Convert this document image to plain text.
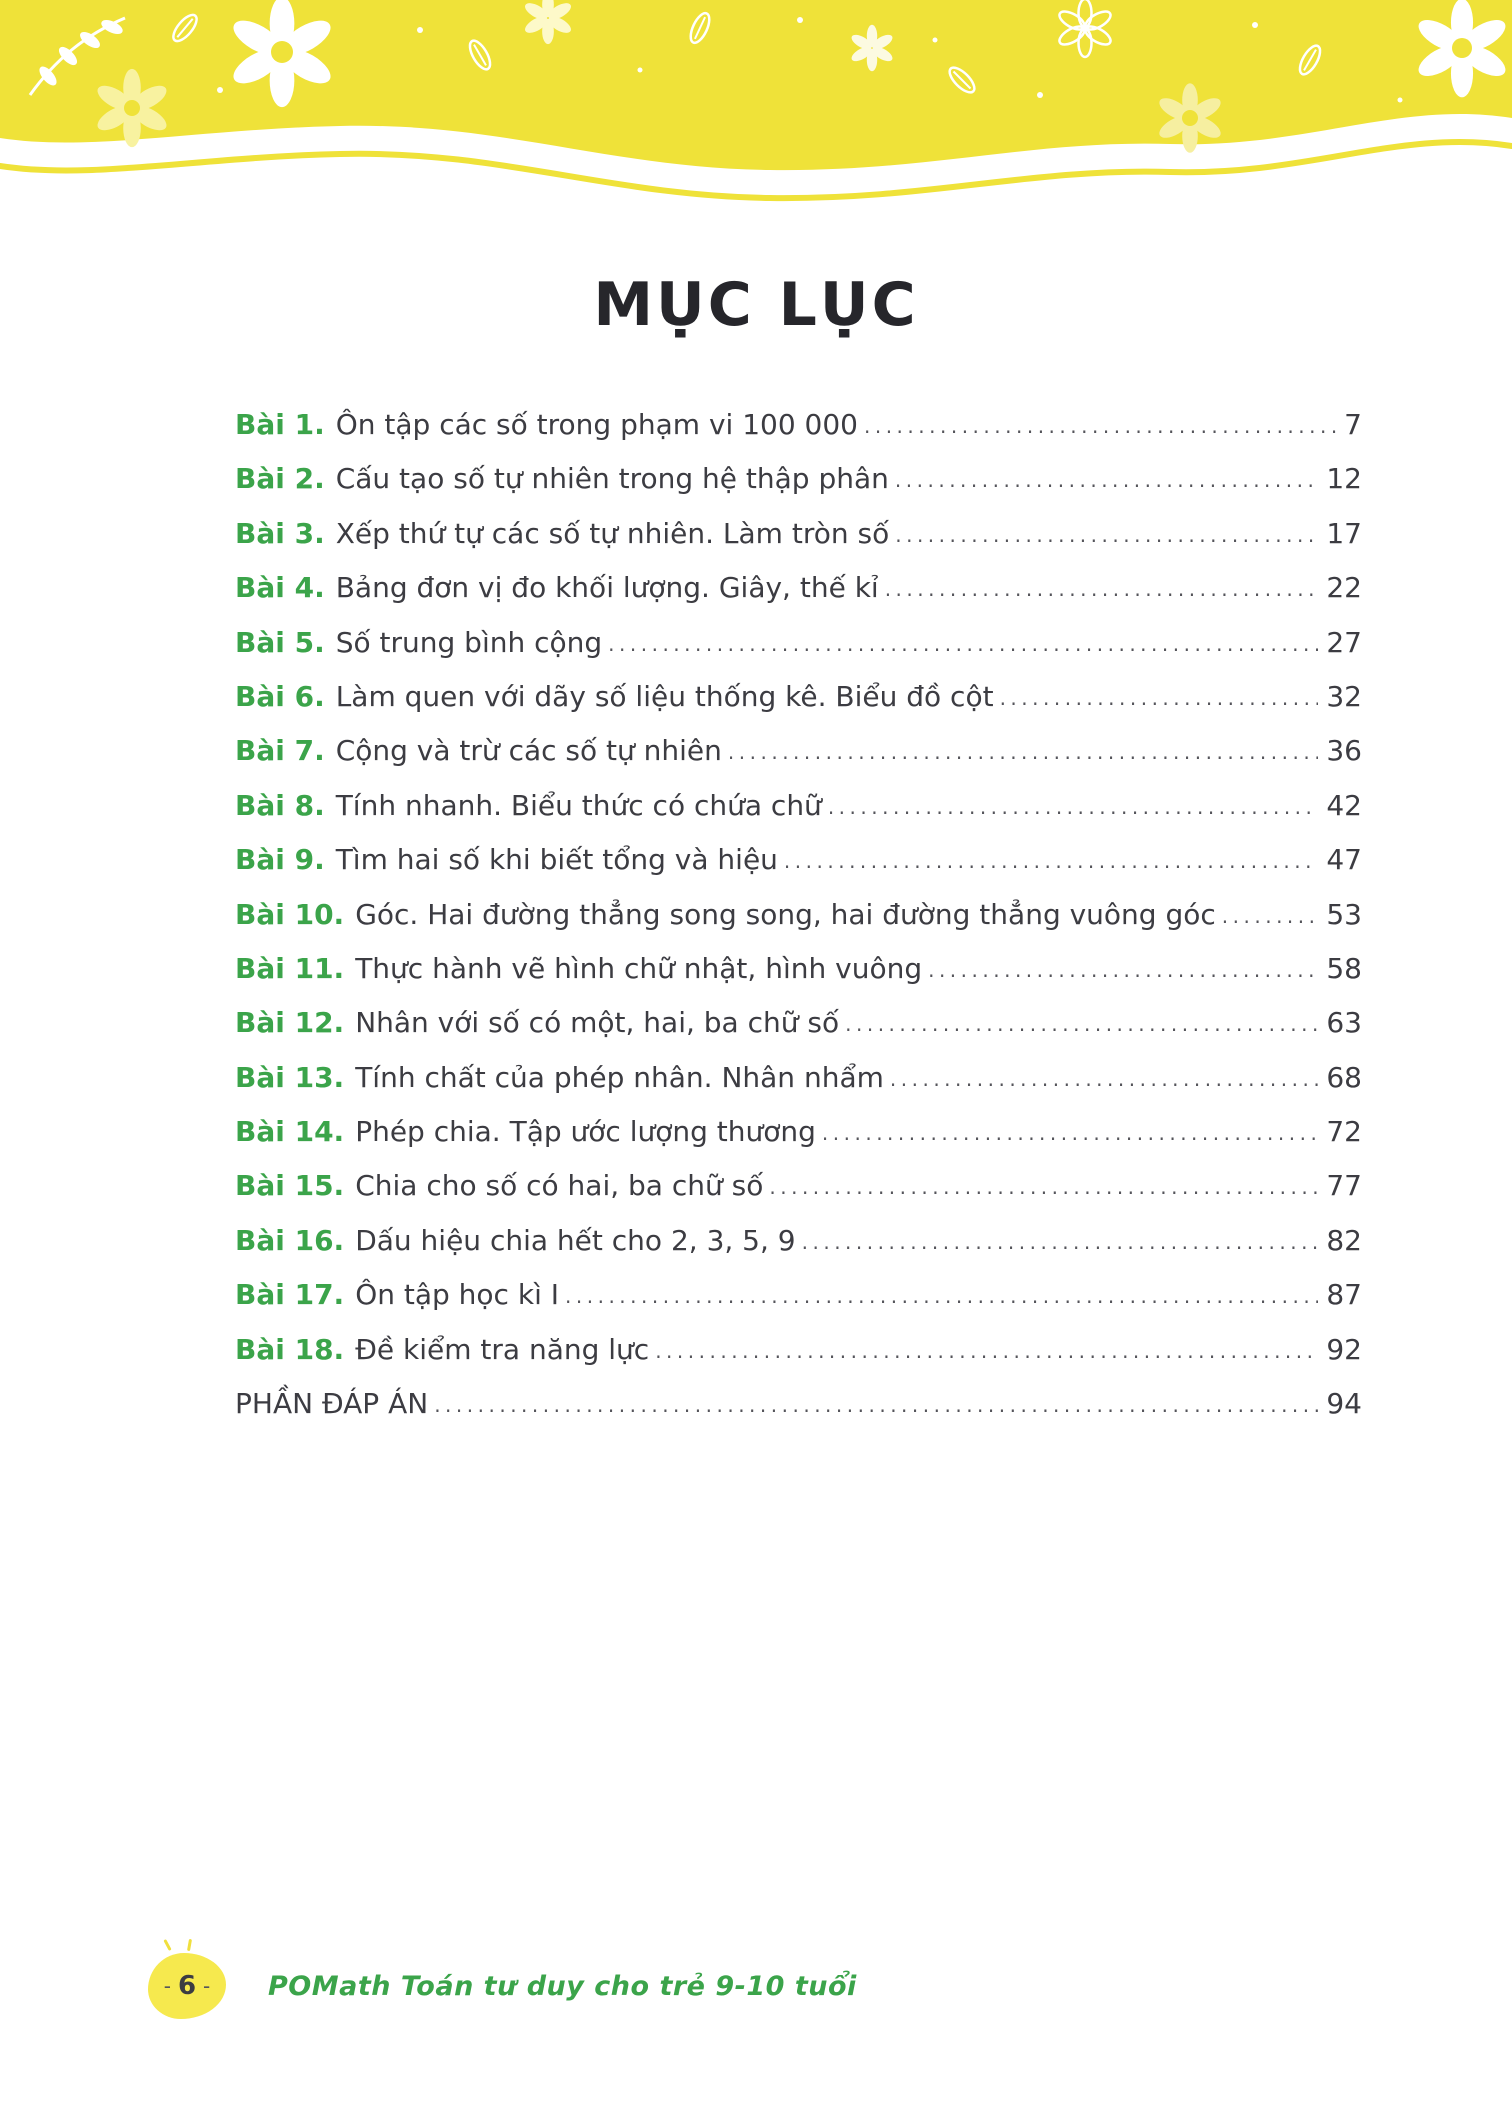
MỤC LỤC
Bài 1. Ôn tập các số trong phạm vi 100 000 .....	7
Bài 2. Cấu tạo số tự nhiên trong hệ thập phân .....	12
Bài 3. Xếp thứ tự các số tự nhiên. Làm tròn số .....	17
Bài 4. Bảng đơn vị đo khối lượng. Giây, thế kỉ .....	22
Bài 5. Số trung bình cộng .....	27
Bài 6. Làm quen với dãy số liệu thống kê. Biểu đồ cột .....	32
Bài 7. Cộng và trừ các số tự nhiên .....	36
Bài 8. Tính nhanh. Biểu thức có chứa chữ .....	42
Bài 9. Tìm hai số khi biết tổng và hiệu .....	47
Bài 10. Góc. Hai đường thẳng song song, hai đường thẳng vuông góc .....	53
Bài 11. Thực hành vẽ hình chữ nhật, hình vuông .....	58
Bài 12. Nhân với số có một, hai, ba chữ số .....	63
Bài 13. Tính chất của phép nhân. Nhân nhẩm .....	68
Bài 14. Phép chia. Tập ước lượng thương .....	72
Bài 15. Chia cho số có hai, ba chữ số .....	77
Bài 16. Dấu hiệu chia hết cho 2, 3, 5, 9 .....	82
Bài 17. Ôn tập học kì I .....	87
Bài 18. Đề kiểm tra năng lực .....	92
PHẦN ĐÁP ÁN .....	94
- 6 - POMath Toán tư duy cho trẻ 9-10 tuổi
